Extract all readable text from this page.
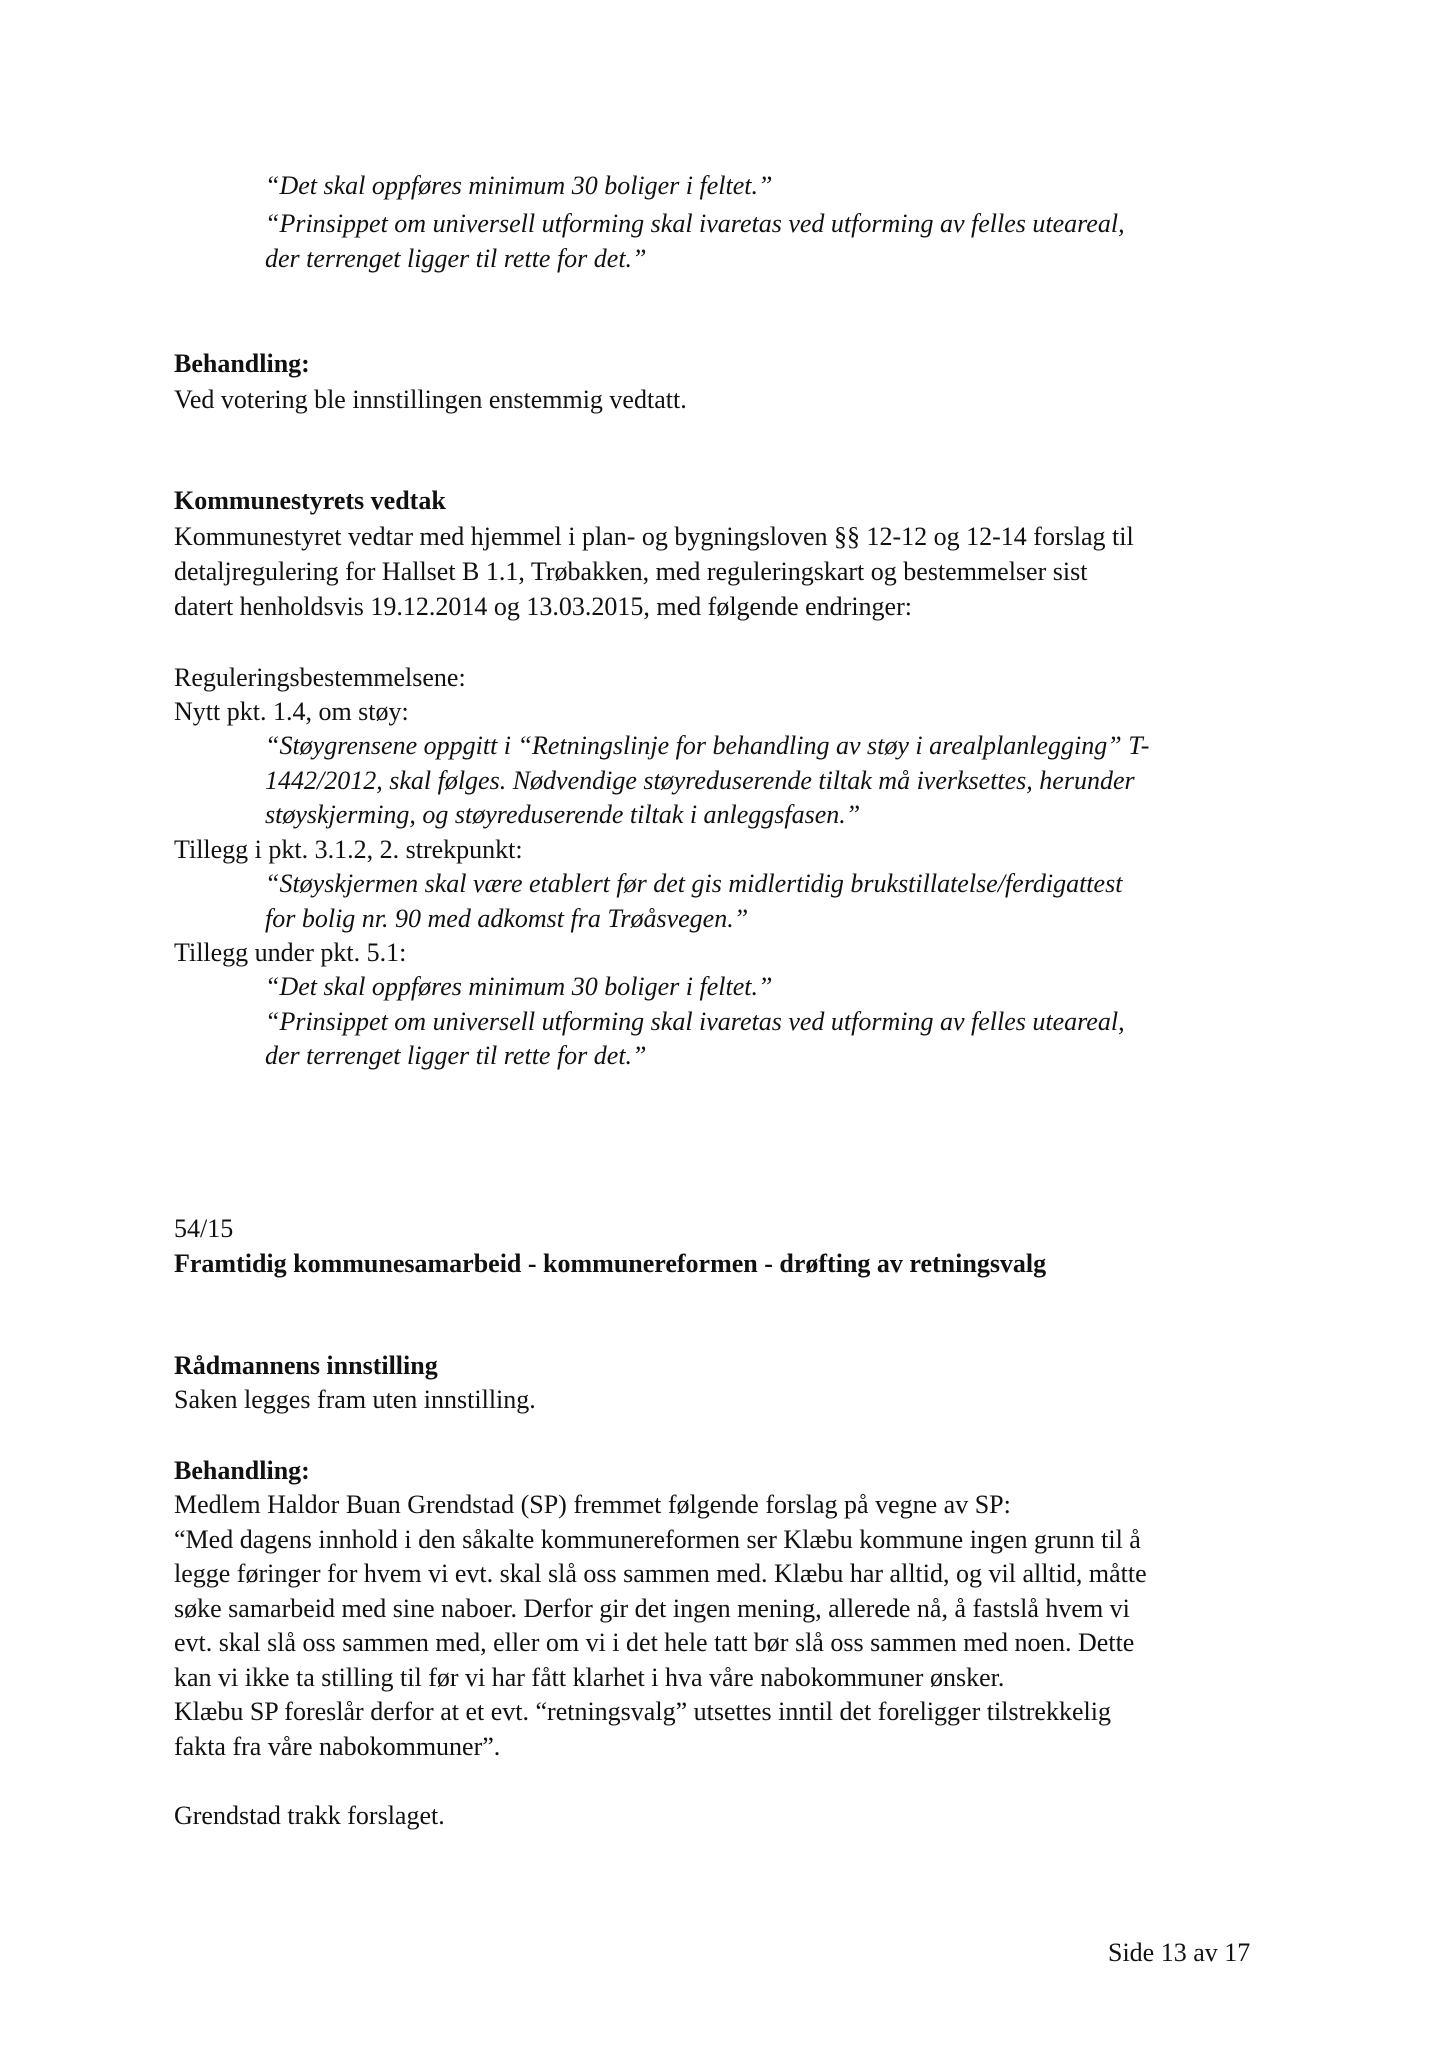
“Det skal oppføres minimum 30 boliger i feltet.”
“Prinsippet om universell utforming skal ivaretas ved utforming av felles uteareal,
der terrenget ligger til rette for det.”
Behandling:
Ved votering ble innstillingen enstemmig vedtatt.
Kommunestyrets vedtak
Kommunestyret vedtar med hjemmel i plan- og bygningsloven §§ 12-12 og 12-14 forslag til
detaljregulering for Hallset B 1.1, Trøbakken, med reguleringskart og bestemmelser sist
datert henholdsvis 19.12.2014 og 13.03.2015, med følgende endringer:
Reguleringsbestemmelsene:
Nytt pkt. 1.4, om støy:
“Støygrensene oppgitt i “Retningslinje for behandling av støy i arealplanlegging” T-
1442/2012, skal følges. Nødvendige støyreduserende tiltak må iverksettes, herunder
støyskjerming, og støyreduserende tiltak i anleggsfasen.”
Tillegg i pkt. 3.1.2, 2. strekpunkt:
“Støyskjermen skal være etablert før det gis midlertidig brukstillatelse/ferdigattest
for bolig nr. 90 med adkomst fra Trøåsvegen.”
Tillegg under pkt. 5.1:
“Det skal oppføres minimum 30 boliger i feltet.”
“Prinsippet om universell utforming skal ivaretas ved utforming av felles uteareal,
der terrenget ligger til rette for det.”
54/15
Framtidig kommunesamarbeid - kommunereformen - drøfting av retningsvalg
Rådmannens innstilling
Saken legges fram uten innstilling.
Behandling:
Medlem Haldor Buan Grendstad (SP) fremmet følgende forslag på vegne av SP:
“Med dagens innhold i den såkalte kommunereformen ser Klæbu kommune ingen grunn til å
legge føringer for hvem vi evt. skal slå oss sammen med. Klæbu har alltid, og vil alltid, måtte
søke samarbeid med sine naboer. Derfor gir det ingen mening, allerede nå, å fastslå hvem vi
evt. skal slå oss sammen med, eller om vi i det hele tatt bør slå oss sammen med noen. Dette
kan vi ikke ta stilling til før vi har fått klarhet i hva våre nabokommuner ønsker.
Klæbu SP foreslår derfor at et evt. “retningsvalg” utsettes inntil det foreligger tilstrekkelig
fakta fra våre nabokommuner”.
Grendstad trakk forslaget.
Side 13 av 17
